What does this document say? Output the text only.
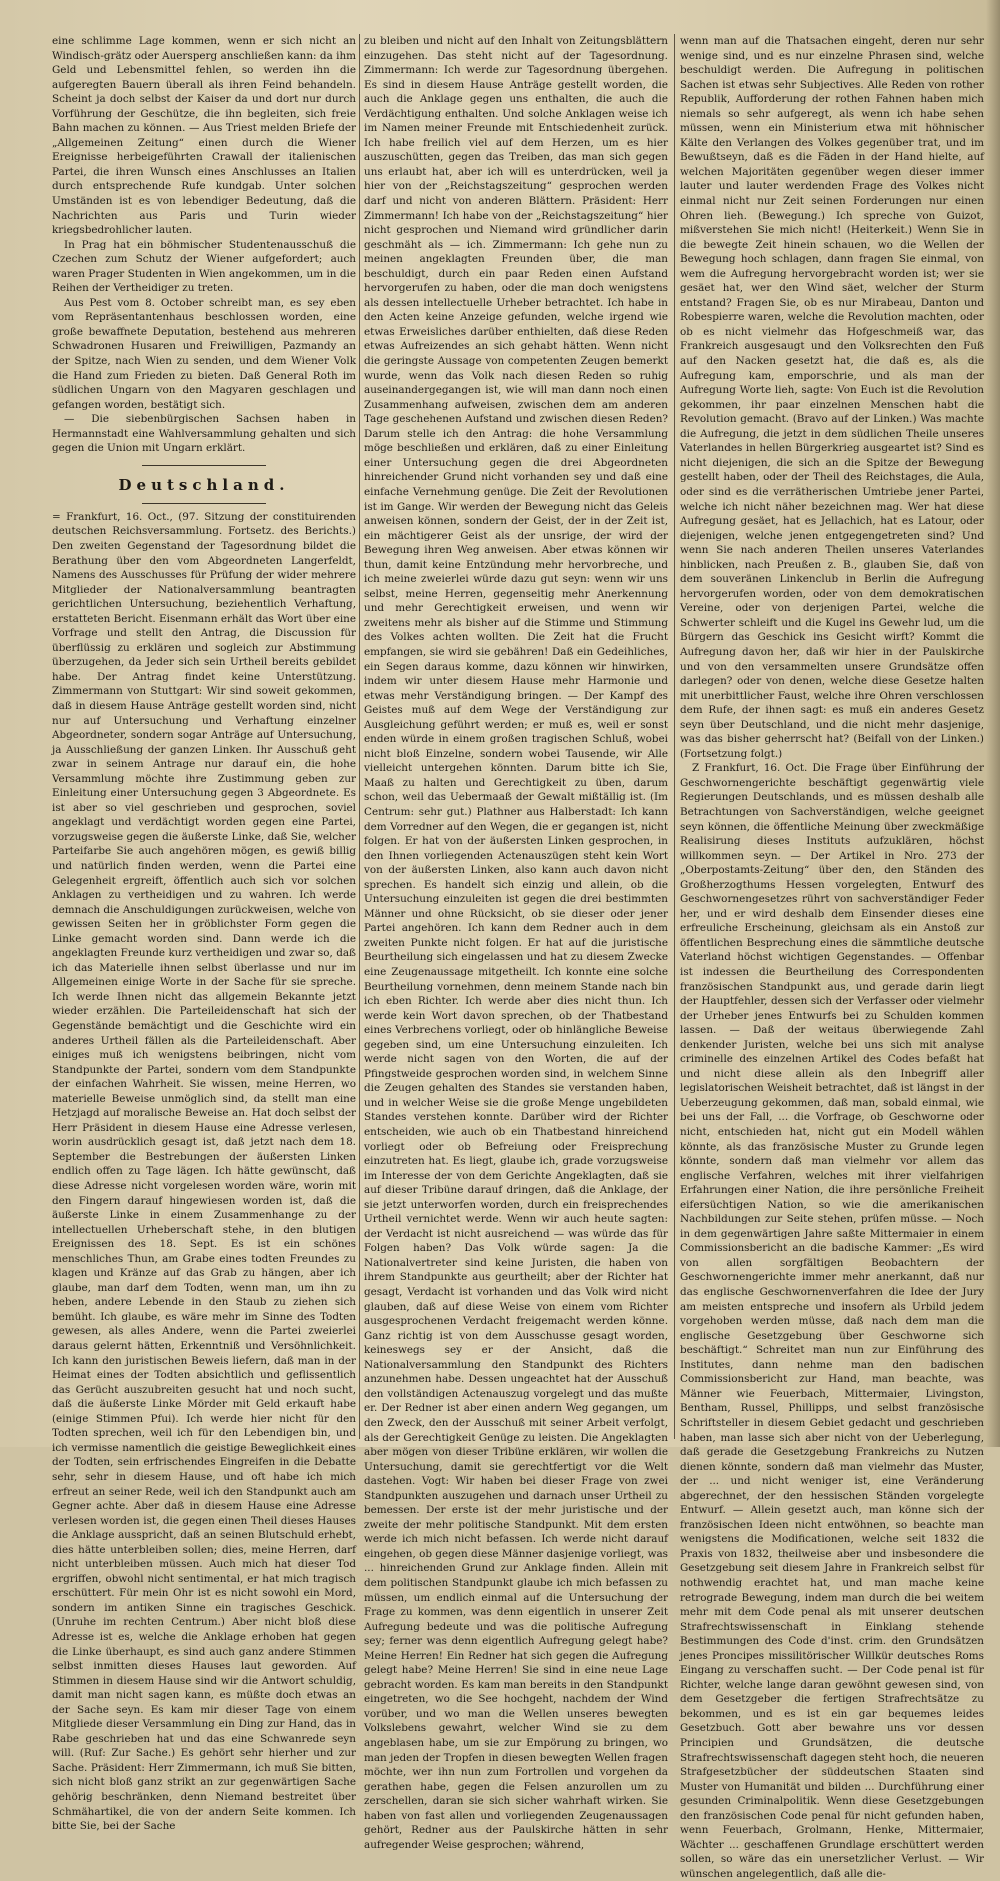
eine schlimme Lage kommen, wenn er sich nicht an Windisch-grätz oder Auersperg anschließen kann: da ihm Geld und Lebensmittel fehlen, so werden ihn die aufgeregten Bauern überall als ihren Feind behandeln. Scheint ja doch selbst der Kaiser da und dort nur durch Vorführung der Geschütze, die ihn begleiten, sich freie Bahn machen zu können. — Aus Triest melden Briefe der „Allgemeinen Zeitung“ einen durch die Wiener Ereignisse herbeigeführten Crawall der italienischen Partei, die ihren Wunsch eines Anschlusses an Italien durch entsprechende Rufe kundgab. Unter solchen Umständen ist es von lebendiger Bedeutung, daß die Nachrichten aus Paris und Turin wieder kriegsbedrohlicher lauten.

In Prag hat ein böhmischer Studentenausschuß die Czechen zum Schutz der Wiener aufgefordert; auch waren Prager Studenten in Wien angekommen, um in die Reihen der Vertheidiger zu treten.

Aus Pest vom 8. October schreibt man, es sey eben vom Repräsentantenhaus beschlossen worden, eine große bewaffnete Deputation, bestehend aus mehreren Schwadronen Husaren und Freiwilligen, Pazmandy an der Spitze, nach Wien zu senden, und dem Wiener Volk die Hand zum Frieden zu bieten. Daß General Roth im südlichen Ungarn von den Magyaren geschlagen und gefangen worden, bestätigt sich.

— Die siebenbürgischen Sachsen haben in Hermannstadt eine Wahlversammlung gehalten und sich gegen die Union mit Ungarn erklärt.

Deutschland.

= Frankfurt, 16. Oct., (97. Sitzung der constituirenden deutschen Reichsversammlung. Fortsetz. des Berichts.) Den zweiten Gegenstand der Tagesordnung bildet die Berathung über den vom Abgeordneten Langerfeldt, Namens des Ausschusses für Prüfung der wider mehrere Mitglieder der Nationalversammlung beantragten gerichtlichen Untersuchung, beziehentlich Verhaftung, erstatteten Bericht. Eisenmann erhält das Wort über eine Vorfrage und stellt den Antrag, die Discussion für überflüssig zu erklären und sogleich zur Abstimmung überzugehen, da Jeder sich sein Urtheil bereits gebildet habe. Der Antrag findet keine Unterstützung. Zimmermann von Stuttgart: Wir sind soweit gekommen, daß in diesem Hause Anträge gestellt worden sind, nicht nur auf Untersuchung und Verhaftung einzelner Abgeordneter, sondern sogar Anträge auf Untersuchung, ja Ausschließung der ganzen Linken. Ihr Ausschuß geht zwar in seinem Antrage nur darauf ein, die hohe Versammlung möchte ihre Zustimmung geben zur Einleitung einer Untersuchung gegen 3 Abgeordnete. Es ist aber so viel geschrieben und gesprochen, soviel angeklagt und verdächtigt worden gegen eine Partei, vorzugsweise gegen die äußerste Linke, daß Sie, welcher Parteifarbe Sie auch angehören mögen, es gewiß billig und natürlich finden werden, wenn die Partei eine Gelegenheit ergreift, öffentlich auch sich vor solchen Anklagen zu vertheidigen und zu wahren. Ich werde demnach die Anschuldigungen zurückweisen, welche von gewissen Seiten her in gröblichster Form gegen die Linke gemacht worden sind. Dann werde ich die angeklagten Freunde kurz vertheidigen und zwar so, daß ich das Materielle ihnen selbst überlasse und nur im Allgemeinen einige Worte in der Sache für sie spreche. Ich werde Ihnen nicht das allgemein Bekannte jetzt wieder erzählen. Die Parteileidenschaft hat sich der Gegenstände bemächtigt und die Geschichte wird ein anderes Urtheil fällen als die Parteileidenschaft. Aber einiges muß ich wenigstens beibringen, nicht vom Standpunkte der Partei, sondern vom dem Standpunkte der einfachen Wahrheit. Sie wissen, meine Herren, wo materielle Beweise unmöglich sind, da stellt man eine Hetzjagd auf moralische Beweise an. Hat doch selbst der Herr Präsident in diesem Hause eine Adresse verlesen, worin ausdrücklich gesagt ist, daß jetzt nach dem 18. September die Bestrebungen der äußersten Linken endlich offen zu Tage lägen. Ich hätte gewünscht, daß diese Adresse nicht vorgelesen worden wäre, worin mit den Fingern darauf hingewiesen worden ist, daß die äußerste Linke in einem Zusammenhange zu der intellectuellen Urheberschaft stehe, in den blutigen Ereignissen des 18. Sept. Es ist ein schönes menschliches Thun, am Grabe eines todten Freundes zu klagen und Kränze auf das Grab zu hängen, aber ich glaube, man darf dem Todten, wenn man, um ihn zu heben, andere Lebende in den Staub zu ziehen sich bemüht. Ich glaube, es wäre mehr im Sinne des Todten gewesen, als alles Andere, wenn die Partei zweierlei daraus gelernt hätten, Erkenntniß und Versöhnlichkeit. Ich kann den juristischen Beweis liefern, daß man in der Heimat eines der Todten absichtlich und geflissentlich das Gerücht auszubreiten gesucht hat und noch sucht, daß die äußerste Linke Mörder mit Geld erkauft habe (einige Stimmen Pfui). Ich werde hier nicht für den Todten sprechen, weil ich für den Lebendigen bin, und ich vermisse namentlich die geistige Beweglichkeit eines der Todten, sein erfrischendes Eingreifen in die Debatte sehr, sehr in diesem Hause, und oft habe ich mich erfreut an seiner Rede, weil ich den Standpunkt auch am Gegner achte. Aber daß in diesem Hause eine Adresse verlesen worden ist, die gegen einen Theil dieses Hauses die Anklage ausspricht, daß an seinen Blutschuld erhebt, dies hätte unterbleiben sollen; dies, meine Herren, darf nicht unterbleiben müssen. Auch mich hat dieser Tod ergriffen, obwohl nicht sentimental, er hat mich tragisch erschüttert. Für mein Ohr ist es nicht sowohl ein Mord, sondern im antiken Sinne ein tragisches Geschick. (Unruhe im rechten Centrum.) Aber nicht bloß diese Adresse ist es, welche die Anklage erhoben hat gegen die Linke überhaupt, es sind auch ganz andere Stimmen selbst inmitten dieses Hauses laut geworden. Auf Stimmen in diesem Hause sind wir die Antwort schuldig, damit man nicht sagen kann, es müßte doch etwas an der Sache seyn. Es kam mir dieser Tage von einem Mitgliede dieser Versammlung ein Ding zur Hand, das in Rabe geschrieben hat und das eine Schwanrede seyn will. (Ruf: Zur Sache.) Es gehört sehr hierher und zur Sache. Präsident: Herr Zimmermann, ich muß Sie bitten, sich nicht bloß ganz strikt an zur gegenwärtigen Sache gehörig beschränken, denn Niemand bestreitet über Schmähartikel, die von der andern Seite kommen. Ich bitte Sie, bei der Sache

zu bleiben und nicht auf den Inhalt von Zeitungsblättern einzugehen. Das steht nicht auf der Tagesordnung. Zimmermann: Ich werde zur Tagesordnung übergehen. Es sind in diesem Hause Anträge gestellt worden, die auch die Anklage gegen uns enthalten, die auch die Verdächtigung enthalten. Und solche Anklagen weise ich im Namen meiner Freunde mit Entschiedenheit zurück. Ich habe freilich viel auf dem Herzen, um es hier auszuschütten, gegen das Treiben, das man sich gegen uns erlaubt hat, aber ich will es unterdrücken, weil ja hier von der „Reichstagszeitung“ gesprochen werden darf und nicht von anderen Blättern. Präsident: Herr Zimmermann! Ich habe von der „Reichstagszeitung“ hier nicht gesprochen und Niemand wird gründlicher darin geschmäht als — ich. Zimmermann: Ich gehe nun zu meinen angeklagten Freunden über, die man beschuldigt, durch ein paar Reden einen Aufstand hervorgerufen zu haben, oder die man doch wenigstens als dessen intellectuelle Urheber betrachtet. Ich habe in den Acten keine Anzeige gefunden, welche irgend wie etwas Erweisliches darüber enthielten, daß diese Reden etwas Aufreizendes an sich gehabt hätten. Wenn nicht die geringste Aussage von competenten Zeugen bemerkt wurde, wenn das Volk nach diesen Reden so ruhig auseinandergegangen ist, wie will man dann noch einen Zusammenhang aufweisen, zwischen dem am anderen Tage geschehenen Aufstand und zwischen diesen Reden? Darum stelle ich den Antrag: die hohe Versammlung möge beschließen und erklären, daß zu einer Einleitung einer Untersuchung gegen die drei Abgeordneten hinreichender Grund nicht vorhanden sey und daß eine einfache Vernehmung genüge. Die Zeit der Revolutionen ist im Gange. Wir werden der Bewegung nicht das Geleis anweisen können, sondern der Geist, der in der Zeit ist, ein mächtigerer Geist als der unsrige, der wird der Bewegung ihren Weg anweisen. Aber etwas können wir thun, damit keine Entzündung mehr hervorbreche, und ich meine zweierlei würde dazu gut seyn: wenn wir uns selbst, meine Herren, gegenseitig mehr Anerkennung und mehr Gerechtigkeit erweisen, und wenn wir zweitens mehr als bisher auf die Stimme und Stimmung des Volkes achten wollten. Die Zeit hat die Frucht empfangen, sie wird sie gebähren! Daß ein Gedeihliches, ein Segen daraus komme, dazu können wir hinwirken, indem wir unter diesem Hause mehr Harmonie und etwas mehr Verständigung bringen. — Der Kampf des Geistes muß auf dem Wege der Verständigung zur Ausgleichung geführt werden; er muß es, weil er sonst enden würde in einem großen tragischen Schluß, wobei nicht bloß Einzelne, sondern wobei Tausende, wir Alle vielleicht untergehen könnten. Darum bitte ich Sie, Maaß zu halten und Gerechtigkeit zu üben, darum schon, weil das Uebermaaß der Gewalt mißtällig ist. (Im Centrum: sehr gut.) Plathner aus Halberstadt: Ich kann dem Vorredner auf den Wegen, die er gegangen ist, nicht folgen. Er hat von der äußersten Linken gesprochen, in den Ihnen vorliegenden Actenauszügen steht kein Wort von der äußersten Linken, also kann auch davon nicht sprechen. Es handelt sich einzig und allein, ob die Untersuchung einzuleiten ist gegen die drei bestimmten Männer und ohne Rücksicht, ob sie dieser oder jener Partei angehören. Ich kann dem Redner auch in dem zweiten Punkte nicht folgen. Er hat auf die juristische Beurtheilung sich eingelassen und hat zu diesem Zwecke eine Zeugenaussage mitgetheilt. Ich konnte eine solche Beurtheilung vornehmen, denn meinem Stande nach bin ich eben Richter. Ich werde aber dies nicht thun. Ich werde kein Wort davon sprechen, ob der Thatbestand eines Verbrechens vorliegt, oder ob hinlängliche Beweise gegeben sind, um eine Untersuchung einzuleiten. Ich werde nicht sagen von den Worten, die auf der Pfingstweide gesprochen worden sind, in welchem Sinne die Zeugen gehalten des Standes sie verstanden haben, und in welcher Weise sie die große Menge ungebildeten Standes verstehen konnte. Darüber wird der Richter entscheiden, wie auch ob ein Thatbestand hinreichend vorliegt oder ob Befreiung oder Freisprechung einzutreten hat. Es liegt, glaube ich, grade vorzugsweise im Interesse der von dem Gerichte Angeklagten, daß sie auf dieser Tribüne darauf dringen, daß die Anklage, der sie jetzt unterworfen worden, durch ein freisprechendes Urtheil vernichtet werde. Wenn wir auch heute sagten: der Verdacht ist nicht ausreichend — was würde das für Folgen haben? Das Volk würde sagen: Ja die Nationalvertreter sind keine Juristen, die haben von ihrem Standpunkte aus geurtheilt; aber der Richter hat gesagt, Verdacht ist vorhanden und das Volk wird nicht glauben, daß auf diese Weise von einem vom Richter ausgesprochenen Verdacht freigemacht werden könne. Ganz richtig ist von dem Ausschusse gesagt worden, keineswegs sey er der Ansicht, daß die Nationalversammlung den Standpunkt des Richters anzunehmen habe. Dessen ungeachtet hat der Ausschuß den vollständigen Actenauszug vorgelegt und das mußte er. Der Redner ist aber einen andern Weg gegangen, um den Zweck, den der Ausschuß mit seiner Arbeit verfolgt, als der Gerechtigkeit Genüge zu leisten. Die Angeklagten aber mögen von dieser Tribüne erklären, wir wollen die Untersuchung, damit sie gerechtfertigt vor die Welt dastehen. Vogt: Wir haben bei dieser Frage von zwei Standpunkten auszugehen und darnach unser Urtheil zu bemessen. Der erste ist der mehr juristische und der zweite der mehr politische Standpunkt. Mit dem ersten werde ich mich nicht befassen. Ich werde nicht darauf eingehen, ob gegen diese Männer dasjenige vorliegt, was ... hinreichenden Grund zur Anklage finden. Allein mit dem politischen Standpunkt glaube ich mich befassen zu müssen, um endlich einmal auf die Untersuchung der Frage zu kommen, was denn eigentlich in unserer Zeit Aufregung bedeute und was die politische Aufregung sey; ferner was denn eigentlich Aufregung gelegt habe? Meine Herren! Ein Redner hat sich gegen die Aufregung gelegt habe? Meine Herren! Sie sind in eine neue Lage gebracht worden. Es kam man bereits in den Standpunkt eingetreten, wo die See hochgeht, nachdem der Wind vorüber, und wo man die Wellen unseres bewegten Volkslebens gewahrt, welcher Wind sie zu dem angeblasen habe, um sie zur Empörung zu bringen, wo man jeden der Tropfen in diesen bewegten Wellen fragen möchte, wer ihn nun zum Fortrollen und vorgehen da gerathen habe, gegen die Felsen anzurollen um zu zerschellen, daran sie sich sicher wahrhaft wirken. Sie haben von fast allen und vorliegenden Zeugenaussagen gehört, Redner aus der Paulskirche hätten in sehr aufregender Weise gesprochen; während,

wenn man auf die Thatsachen eingeht, deren nur sehr wenige sind, und es nur einzelne Phrasen sind, welche beschuldigt werden. Die Aufregung in politischen Sachen ist etwas sehr Subjectives. Alle Reden von rother Republik, Aufforderung der rothen Fahnen haben mich niemals so sehr aufgeregt, als wenn ich habe sehen müssen, wenn ein Ministerium etwa mit höhnischer Kälte den Verlangen des Volkes gegenüber trat, und im Bewußtseyn, daß es die Fäden in der Hand hielte, auf welchen Majoritäten gegenüber wegen dieser immer lauter und lauter werdenden Frage des Volkes nicht einmal nicht nur Zeit seinen Forderungen nur einen Ohren lieh. (Bewegung.) Ich spreche von Guizot, mißverstehen Sie mich nicht! (Heiterkeit.) Wenn Sie in die bewegte Zeit hinein schauen, wo die Wellen der Bewegung hoch schlagen, dann fragen Sie einmal, von wem die Aufregung hervorgebracht worden ist; wer sie gesäet hat, wer den Wind säet, welcher der Sturm entstand? Fragen Sie, ob es nur Mirabeau, Danton und Robespierre waren, welche die Revolution machten, oder ob es nicht vielmehr das Hofgeschmeiß war, das Frankreich ausgesaugt und den Volksrechten den Fuß auf den Nacken gesetzt hat, die daß es, als die Aufregung kam, emporschrie, und als man der Aufregung Worte lieh, sagte: Von Euch ist die Revolution gekommen, ihr paar einzelnen Menschen habt die Revolution gemacht. (Bravo auf der Linken.) Was machte die Aufregung, die jetzt in dem südlichen Theile unseres Vaterlandes in hellen Bürgerkrieg ausgeartet ist? Sind es nicht diejenigen, die sich an die Spitze der Bewegung gestellt haben, oder der Theil des Reichstages, die Aula, oder sind es die verrätherischen Umtriebe jener Partei, welche ich nicht näher bezeichnen mag. Wer hat diese Aufregung gesäet, hat es Jellachich, hat es Latour, oder diejenigen, welche jenen entgegengetreten sind? Und wenn Sie nach anderen Theilen unseres Vaterlandes hinblicken, nach Preußen z. B., glauben Sie, daß von dem souveränen Linkenclub in Berlin die Aufregung hervorgerufen worden, oder von dem demokratischen Vereine, oder von derjenigen Partei, welche die Schwerter schleift und die Kugel ins Gewehr lud, um die Bürgern das Geschick ins Gesicht wirft? Kommt die Aufregung davon her, daß wir hier in der Paulskirche und von den versammelten unsere Grundsätze offen darlegen? oder von denen, welche diese Gesetze halten mit unerbittlicher Faust, welche ihre Ohren verschlossen dem Rufe, der ihnen sagt: es muß ein anderes Gesetz seyn über Deutschland, und die nicht mehr dasjenige, was das bisher geherrscht hat? (Beifall von der Linken.) (Fortsetzung folgt.)

Z Frankfurt, 16. Oct. Die Frage über Einführung der Geschwornengerichte beschäftigt gegenwärtig viele Regierungen Deutschlands, und es müssen deshalb alle Betrachtungen von Sachverständigen, welche geeignet seyn können, die öffentliche Meinung über zweckmäßige Realisirung dieses Instituts aufzuklären, höchst willkommen seyn. — Der Artikel in Nro. 273 der „Oberpostamts-Zeitung“ über den, den Ständen des Großherzogthums Hessen vorgelegten, Entwurf des Geschwornengesetzes rührt von sachverständiger Feder her, und er wird deshalb dem Einsender dieses eine erfreuliche Erscheinung, gleichsam als ein Anstoß zur öffentlichen Besprechung eines die sämmtliche deutsche Vaterland höchst wichtigen Gegenstandes. — Offenbar ist indessen die Beurtheilung des Correspondenten französischen Standpunkt aus, und gerade darin liegt der Hauptfehler, dessen sich der Verfasser oder vielmehr der Urheber jenes Entwurfs bei zu Schulden kommen lassen. — Daß der weitaus überwiegende Zahl denkender Juristen, welche bei uns sich mit analyse criminelle des einzelnen Artikel des Codes befaßt hat und nicht diese allein als den Inbegriff aller legislatorischen Weisheit betrachtet, daß ist längst in der Ueberzeugung gekommen, daß man, sobald einmal, wie bei uns der Fall, ... die Vorfrage, ob Geschworne oder nicht, entschieden hat, nicht gut ein Modell wählen könnte, als das französische Muster zu Grunde legen könnte, sondern daß man vielmehr vor allem das englische Verfahren, welches mit ihrer vielfahrigen Erfahrungen einer Nation, die ihre persönliche Freiheit eifersüchtigen Nation, so wie die amerikanischen Nachbildungen zur Seite stehen, prüfen müsse. — Noch in dem gegenwärtigen Jahre saßte Mittermaier in einem Commissionsbericht an die badische Kammer: „Es wird von allen sorgfältigen Beobachtern der Geschwornengerichte immer mehr anerkannt, daß nur das englische Geschwornenverfahren die Idee der Jury am meisten entspreche und insofern als Urbild jedem vorgehoben werden müsse, daß nach dem man die englische Gesetzgebung über Geschworne sich beschäftigt.“ Schreitet man nun zur Einführung des Institutes, dann nehme man den badischen Commissionsbericht zur Hand, man beachte, was Männer wie Feuerbach, Mittermaier, Livingston, Bentham, Russel, Phillipps, und selbst französische Schriftsteller in diesem Gebiet gedacht und geschrieben haben, man lasse sich aber nicht von der Ueberlegung, daß gerade die Gesetzgebung Frankreichs zu Nutzen dienen könnte, sondern daß man vielmehr das Muster, der ... und nicht weniger ist, eine Veränderung abgerechnet, der den hessischen Ständen vorgelegte Entwurf. — Allein gesetzt auch, man könne sich der französischen Ideen nicht entwöhnen, so beachte man wenigstens die Modificationen, welche seit 1832 die Praxis von 1832, theilweise aber und insbesondere die Gesetzgebung seit diesem Jahre in Frankreich selbst für nothwendig erachtet hat, und man mache keine retrograde Bewegung, indem man durch die bei weitem mehr mit dem Code penal als mit unserer deutschen Strafrechtswissenschaft in Einklang stehende Bestimmungen des Code d'inst. crim. den Grundsätzen jenes Proncipes missilitörischer Willkür deutsches Roms Eingang zu verschaffen sucht. — Der Code penal ist für Richter, welche lange daran gewöhnt gewesen sind, von dem Gesetzgeber die fertigen Strafrechtsätze zu bekommen, und es ist ein gar bequemes leides Gesetzbuch. Gott aber bewahre uns vor dessen Principien und Grundsätzen, die deutsche Strafrechtswissenschaft dagegen steht hoch, die neueren Strafgesetzbücher der süddeutschen Staaten sind Muster von Humanität und bilden ... Durchführung einer gesunden Criminalpolitik. Wenn diese Gesetzgebungen den französischen Code penal für nicht gefunden haben, wenn Feuerbach, Grolmann, Henke, Mittermaier, Wächter ... geschaffenen Grundlage erschüttert werden sollen, so wäre das ein unersetzlicher Verlust. — Wir wünschen angelegentlich, daß alle die-
